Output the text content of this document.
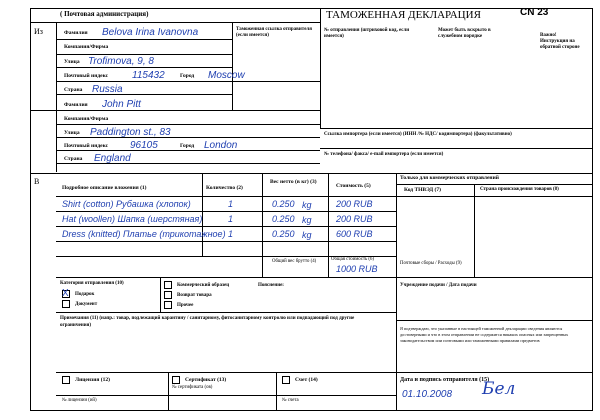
( Почтовая администрация)	ТАМОЖЕННАЯ ДЕКЛАРАЦИЯ	CN 23
№ отправления (штриховой код, если имеется)
Может быть вскрыто в служебном порядке	Важно!
Инструкция на обратной стороне
Таможенная ссылка отправителя (если имеется)
Из	Фамилия Belova Irina Ivanovna
Компания/Фирма
Улица Trofimova, 9, 8
Почтовый индекс 115432	Город Moscow
Страна Russia
Фамилия John Pitt
Компания/Фирма
Улица Paddington st., 83
Почтовый индекс 96105	Город London
Страна England
Ссылка импортера (если имеется) (ИНН /№ НДС/ кодимпортера) (факультативно)
№ телефона/ факса/ e-mail импортера (если имеется)
В
Подробное описание вложения (1)	Количество (2)
Вес нетто (в кг) (3)
Стоимость (5)
Только для коммерческих отправлений
Код ТНВЭД (7)	Страна происхождения товаров (8)
Shirt (cotton) Рубашка (хлопок)	1	0.250 kg	200 RUB
Hat (woollen) Шапка (шерстяная)	1	0.250 kg	200 RUB
Dress (knitted) Платье (трикотажное) 1	0.250 kg	600 RUB
Общий вес брутто (4)	Общая стоимость (6)
1000 RUB
Почтовые сборы / Расходы (9)
Категория отправления (10)
X Подарок
Документ
Коммерческий образец
Возврат товара
Прочее
Пояснение:
Примечания (11) (напр.: товар, подлежащий карантину / санитарному, фитосанитарному контролю или подпадающий под другие ограничения)
Учреждение подачи / Дата подачи
Я подтверждаю, что указанные в настоящей таможенной декларации сведения являются достоверными и что в этом отправлении не содержится никаких опасных или запрещенных законодательством или почтовыми или таможенными правилами предметов
Дата и подпись отправителя (15)
01.10.2008 Бел
Лицензия (12)
№ лицензии (ий)
Сертификат (13)
№ сертификата (ов)
Счет (14)
№ счета
